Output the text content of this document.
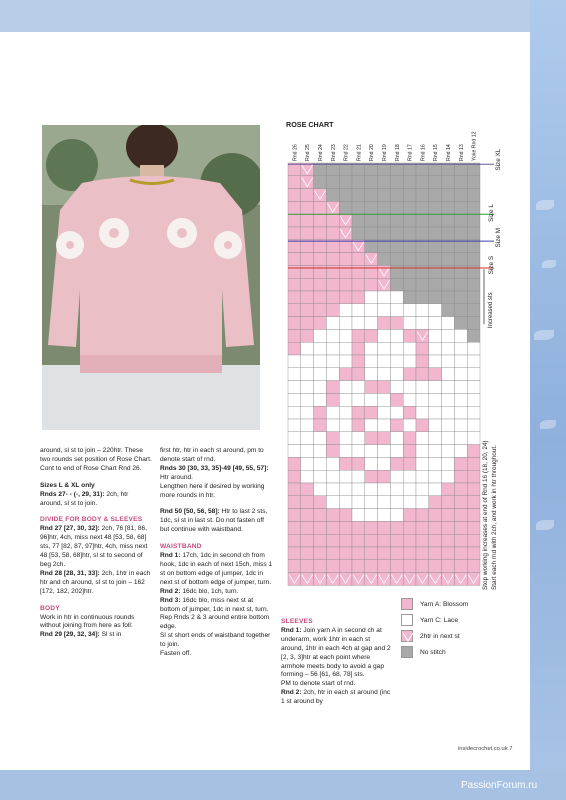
ROSE CHART
Rnd 26 Rnd 25 Rnd 24 Rnd 23 Rnd 22 Rnd 21 Rnd 20 Rnd 19 Rnd 18 Rnd 17 Rnd 16 Rnd 15 Rnd 14 Rnd 13 Yoke Rnd 12	Size XL
Size L
Size M
Size S
Increased sts

around, sl st to join – 220htr. These two rounds set position of Rose Chart.
Cont to end of Rose Chart Rnd 26.

Sizes L & XL only
Rnds 27- - (-, 29, 31): 2ch, htr around, sl st to join.

DIVIDE FOR BODY & SLEEVES
Rnd 27 [27, 30, 32]: 2ch, 76 [81, 86, 96]htr, 4ch, miss next 48 [53, 58, 68] sts, 77 [82, 87, 97]htr, 4ch, miss next 48 [53, 58, 68]htr, sl st to second of beg 2ch.
Rnd 28 [28, 31, 33]: 2ch, 1htr in each htr and ch around, sl st to join – 162 [172, 182, 202]htr.

BODY
Work in htr in continuous rounds without joining from here as foll:
Rnd 29 [29, 32, 34]: Sl st in

first htr, htr in each st around, pm to denote start of rnd.
Rnds 30 [30, 33, 35]-49 [49, 55, 57]: Htr around.
Lengthen here if desired by working more rounds in htr.

Rnd 50 [50, 56, 58]: Htr to last 2 sts, 1dc, sl st in last st. Do not fasten off but continue with waistband.

WAISTBAND
Rnd 1: 17ch, 1dc in second ch from hook, 1dc in each of next 15ch, miss 1 st on bottom edge of jumper, 1dc in next st of bottom edge of jumper, turn.
Rnd 2: 16dc blo, 1ch, turn.
Rnd 3: 16dc blo, miss next st at bottom of jumper, 1dc in next st, turn.
Rep Rnds 2 & 3 around entire bottom edge.
Sl st short ends of waistband together to join.
Fasten off.

SLEEVES
Rnd 1: Join yarn A in second ch at underarm, work 1htr in each st around, 1htr in each 4ch at gap and 2 [2, 3, 3]htr at each point where armhole meets body to avoid a gap forming – 56 [61, 68, 78] sts.
PM to denote start of rnd.
Rnd 2: 2ch, htr in each st around (inc 1 st around by

Yarn A: Blossom
Yarn C: Lace
2htr in next st
No stitch
Stop working increases at end of Rnd 16 (18, 20, 24) Start each rnd with 2ch, and work in htr throughout.
insidecrochet.co.uk 7
PassionForum.ru
